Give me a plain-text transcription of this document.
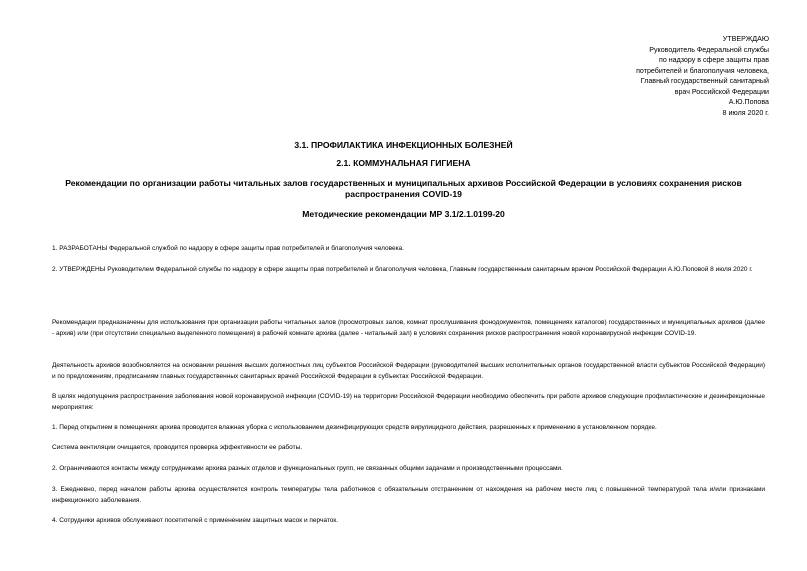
УТВЕРЖДАЮ
Руководитель Федеральной службы
по надзору в сфере защиты прав
потребителей и благополучия человека,
Главный государственный санитарный
врач Российской Федерации
А.Ю.Попова
8 июля 2020 г.
3.1. ПРОФИЛАКТИКА ИНФЕКЦИОННЫХ БОЛЕЗНЕЙ
2.1. КОММУНАЛЬНАЯ ГИГИЕНА
Рекомендации по организации работы читальных залов государственных и муниципальных архивов Российской Федерации в условиях сохранения рисков распространения COVID-19
Методические рекомендации МР 3.1/2.1.0199-20
1. РАЗРАБОТАНЫ Федеральной службой по надзору в сфере защиты прав потребителей и благополучия человека.
2. УТВЕРЖДЕНЫ Руководителем Федеральной службы по надзору в сфере защиты прав потребителей и благополучия человека, Главным государственным санитарным врачом Российской Федерации А.Ю.Поповой 8 июля 2020 г.
Рекомендации предназначены для использования при организации работы читальных залов (просмотровых залов, комнат прослушивания фонодокументов, помещениях каталогов) государственных и муниципальных архивов (далее - архив) или (при отсутствии специально выделенного помещения) в рабочей комнате архива (далее - читальный зал) в условиях сохранения рисков распространения новой коронавирусной инфекции COVID-19.
Деятельность архивов возобновляется на основании решения высших должностных лиц субъектов Российской Федерации (руководителей высших исполнительных органов государственной власти субъектов Российской Федерации) и по предложениям, предписаниям главных государственных санитарных врачей Российской Федерации в субъектах Российской Федерации.
В целях недопущения распространения заболевания новой коронавирусной инфекции (COVID-19) на территории Российской Федерации необходимо обеспечить при работе архивов следующие профилактические и дезинфекционные мероприятия:
1. Перед открытием в помещениях архива проводится влажная уборка с использованием дезинфицирующих средств вирулицидного действия, разрешенных к применению в установленном порядке.
Система вентиляции очищается, проводится проверка эффективности ее работы.
2. Ограничиваются контакты между сотрудниками архива разных отделов и функциональных групп, не связанных общими задачами и производственными процессами.
3. Ежедневно, перед началом работы архива осуществляется контроль температуры тела работников с обязательным отстранением от нахождения на рабочем месте лиц с повышенной температурой тела и/или признаками инфекционного заболевания.
4. Сотрудники архивов обслуживают посетителей с применением защитных масок и перчаток.
